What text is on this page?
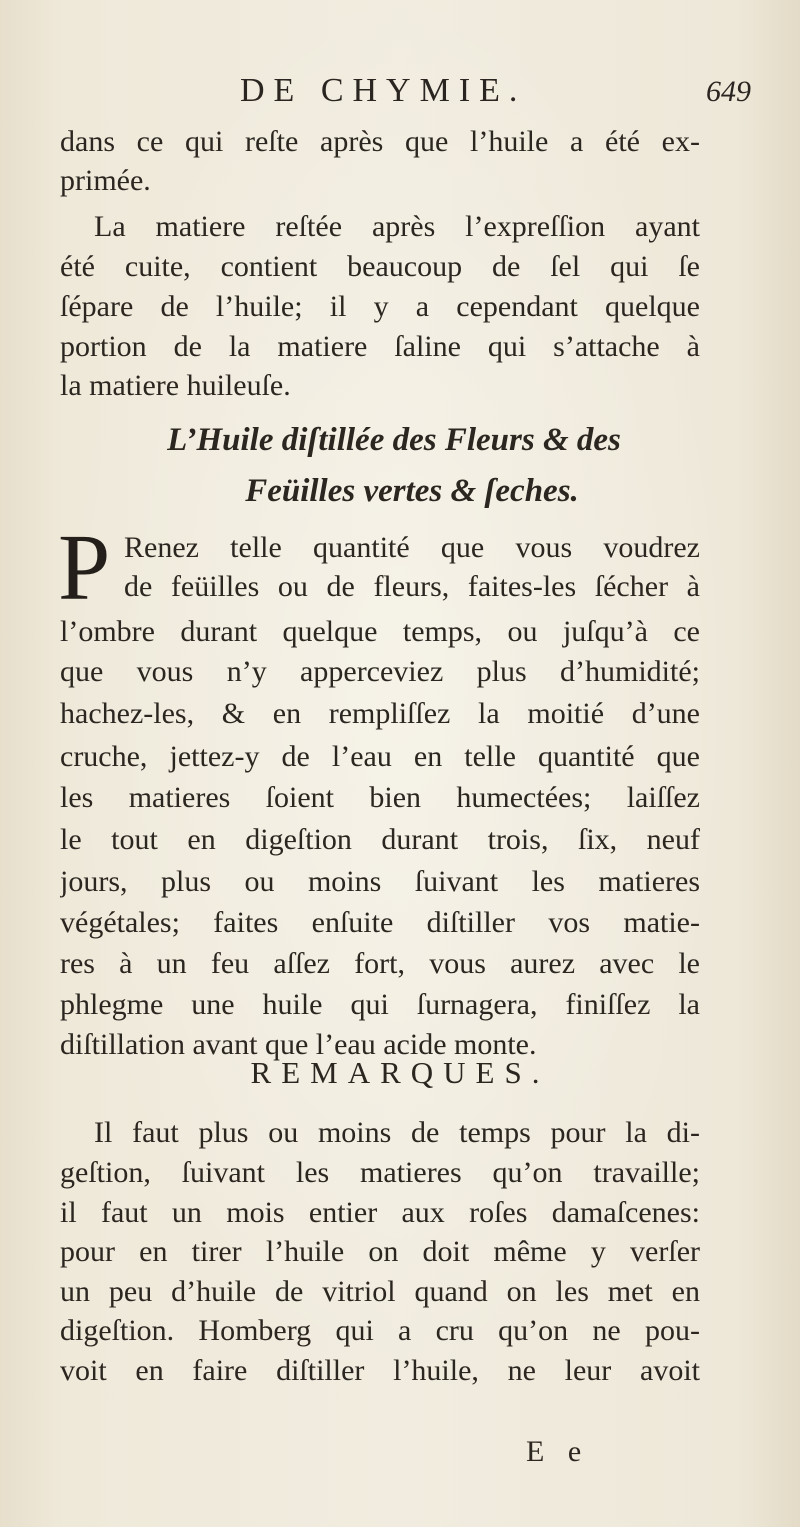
DE CHYMIE.	649
dans ce qui reſte après que l’huile a été ex-
primée.
La matiere reſtée après l’expreſſion ayant
été cuite, contient beaucoup de ſel qui ſe
ſépare de l’huile; il y a cependant quelque
portion de la matiere ſaline qui s’attache à
la matiere huileuſe.
L’Huile diſtillée des Fleurs & des
Feüilles vertes & ſeches.
P Renez telle quantité que vous voudrez
de feüilles ou de fleurs, faites-les ſécher à
l’ombre durant quelque temps, ou juſqu’à ce
que vous n’y apperceviez plus d’humidité;
hachez-les, & en rempliſſez la moitié d’une
cruche, jettez-y de l’eau en telle quantité que
les matieres ſoient bien humectées; laiſſez
le tout en digeſtion durant trois, ſix, neuf
jours, plus ou moins ſuivant les matieres
végétales; faites enſuite diſtiller vos matie-
res à un feu aſſez fort, vous aurez avec le
phlegme une huile qui ſurnagera, finiſſez la
diſtillation avant que l’eau acide monte.
REMARQUES.
Il faut plus ou moins de temps pour la di-
geſtion, ſuivant les matieres qu’on travaille;
il faut un mois entier aux roſes damaſcenes:
pour en tirer l’huile on doit même y verſer
un peu d’huile de vitriol quand on les met en
digeſtion. Homberg qui a cru qu’on ne pou-
voit en faire diſtiller l’huile, ne leur avoit
E e
